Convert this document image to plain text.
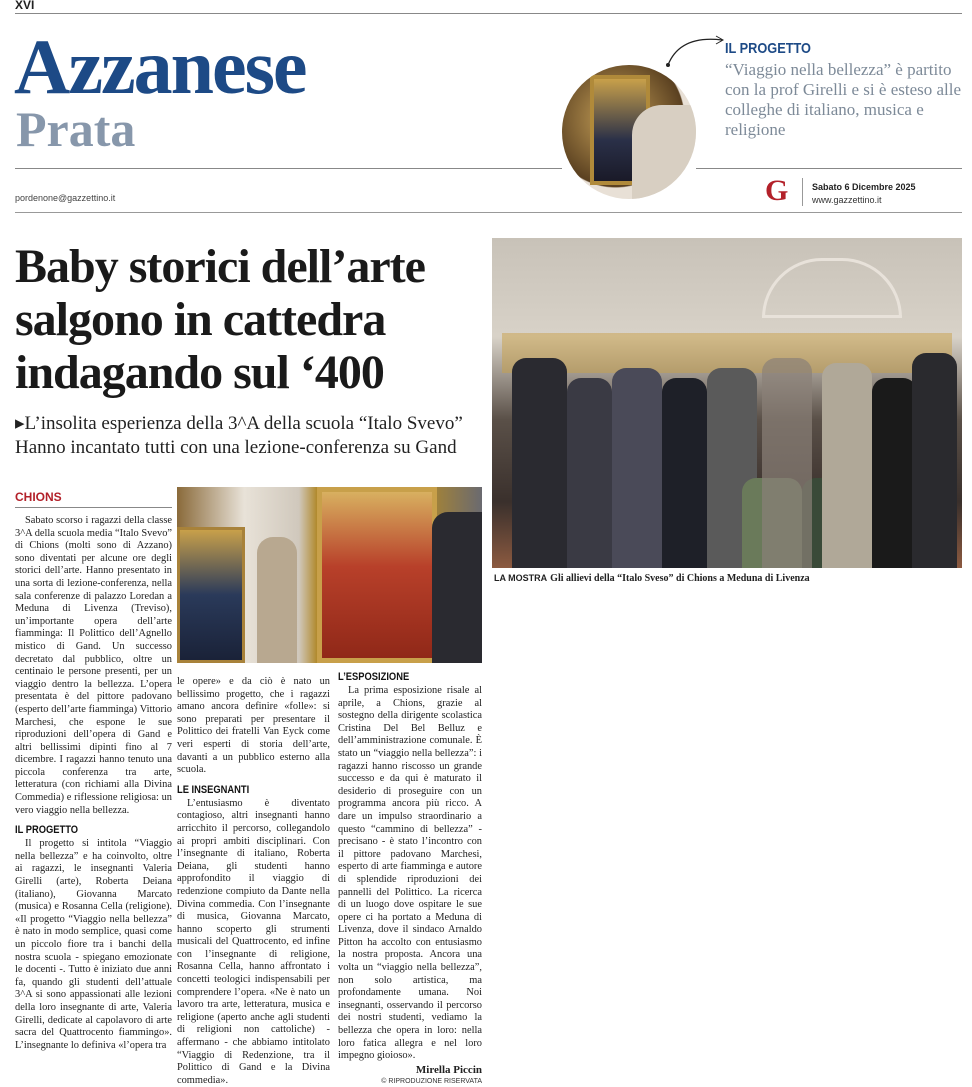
XVI
Azzanese
Prata
pordenone@gazzettino.it
IL PROGETTO
“Viaggio nella bellezza” è partito con la prof Girelli e si è esteso alle colleghe di italiano, musica e religione
G	Sabato 6 Dicembre 2025
www.gazzettino.it
Baby storici dell’arte salgono in cattedra indagando sul ‘400
▸L’insolita esperienza della 3^A della scuola “Italo Svevo”
Hanno incantato tutti con una lezione-conferenza su Gand
LA MOSTRA Gli allievi della “Italo Sveso” di Chions a Meduna di Livenza
CHIONS

Sabato scorso i ragazzi della classe 3^A della scuola media “Italo Svevo” di Chions (molti sono di Azzano) sono diventati per alcune ore degli storici dell’arte. Hanno presentato in una sorta di lezione-conferenza, nella sala conferenze di palazzo Loredan a Meduna di Livenza (Treviso), un’importante opera dell’arte fiamminga: Il Polittico dell’Agnello mistico di Gand. Un successo decretato dal pubblico, oltre un centinaio le persone presenti, per un viaggio dentro la bellezza. L’opera presentata è del pittore padovano (esperto dell’arte fiamminga) Vittorio Marchesi, che espone le sue riproduzioni dell’opera di Gand e altri bellissimi dipinti fino al 7 dicembre. I ragazzi hanno tenuto una piccola conferenza tra arte, letteratura (con richiami alla Divina Commedia) e riflessione religiosa: un vero viaggio nella bellezza.

IL PROGETTO

Il progetto si intitola “Viaggio nella bellezza” e ha coinvolto, oltre ai ragazzi, le insegnanti Valeria Girelli (arte), Roberta Deiana (italiano), Giovanna Marcato (musica) e Rosanna Cella (religione). «Il progetto “Viaggio nella bellezza” è nato in modo semplice, quasi come un piccolo fiore tra i banchi della nostra scuola - spiegano emozionate le docenti -. Tutto è iniziato due anni fa, quando gli studenti dell’attuale 3^A si sono appassionati alle lezioni della loro insegnante di arte, Valeria Girelli, dedicate al capolavoro di arte sacra del Quattrocento fiammingo». L’insegnante lo definiva «l’opera tra

le opere» e da ciò è nato un bellissimo progetto, che i ragazzi amano ancora definire «folle»: si sono preparati per presentare il Polittico dei fratelli Van Eyck come veri esperti di storia dell’arte, davanti a un pubblico esterno alla scuola.

LE INSEGNANTI

L’entusiasmo è diventato contagioso, altri insegnanti hanno arricchito il percorso, collegandolo ai propri ambiti disciplinari. Con l’insegnante di italiano, Roberta Deiana, gli studenti hanno approfondito il viaggio di redenzione compiuto da Dante nella Divina commedia. Con l’insegnante di musica, Giovanna Marcato, hanno scoperto gli strumenti musicali del Quattrocento, ed infine con l’insegnante di religione, Rosanna Cella, hanno affrontato i concetti teologici indispensabili per comprendere l’opera. «Ne è nato un lavoro tra arte, letteratura, musica e religione (aperto anche agli studenti di religioni non cattoliche) - affermano - che abbiamo intitolato “Viaggio di Redenzione, tra il Polittico di Gand e la Divina commedia».

L’ESPOSIZIONE

La prima esposizione risale al aprile, a Chions, grazie al sostegno della dirigente scolastica Cristina Del Bel Belluz e dell’amministrazione comunale. È stato un “viaggio nella bellezza”: i ragazzi hanno riscosso un grande successo e da qui è maturato il desiderio di proseguire con un programma ancora più ricco. A dare un impulso straordinario a questo “cammino di bellezza” - precisano - è stato l’incontro con il pittore padovano Marchesi, esperto di arte fiamminga e autore di splendide riproduzioni dei pannelli del Polittico. La ricerca di un luogo dove ospitare le sue opere ci ha portato a Meduna di Livenza, dove il sindaco Arnaldo Pitton ha accolto con entusiasmo la nostra proposta. Ancora una volta un “viaggio nella bellezza”, non solo artistica, ma profondamente umana. Noi insegnanti, osservando il percorso dei nostri studenti, vediamo la bellezza che opera in loro: nella loro fatica allegra e nel loro impegno gioioso».

Mirella Piccin
© RIPRODUZIONE RISERVATA
